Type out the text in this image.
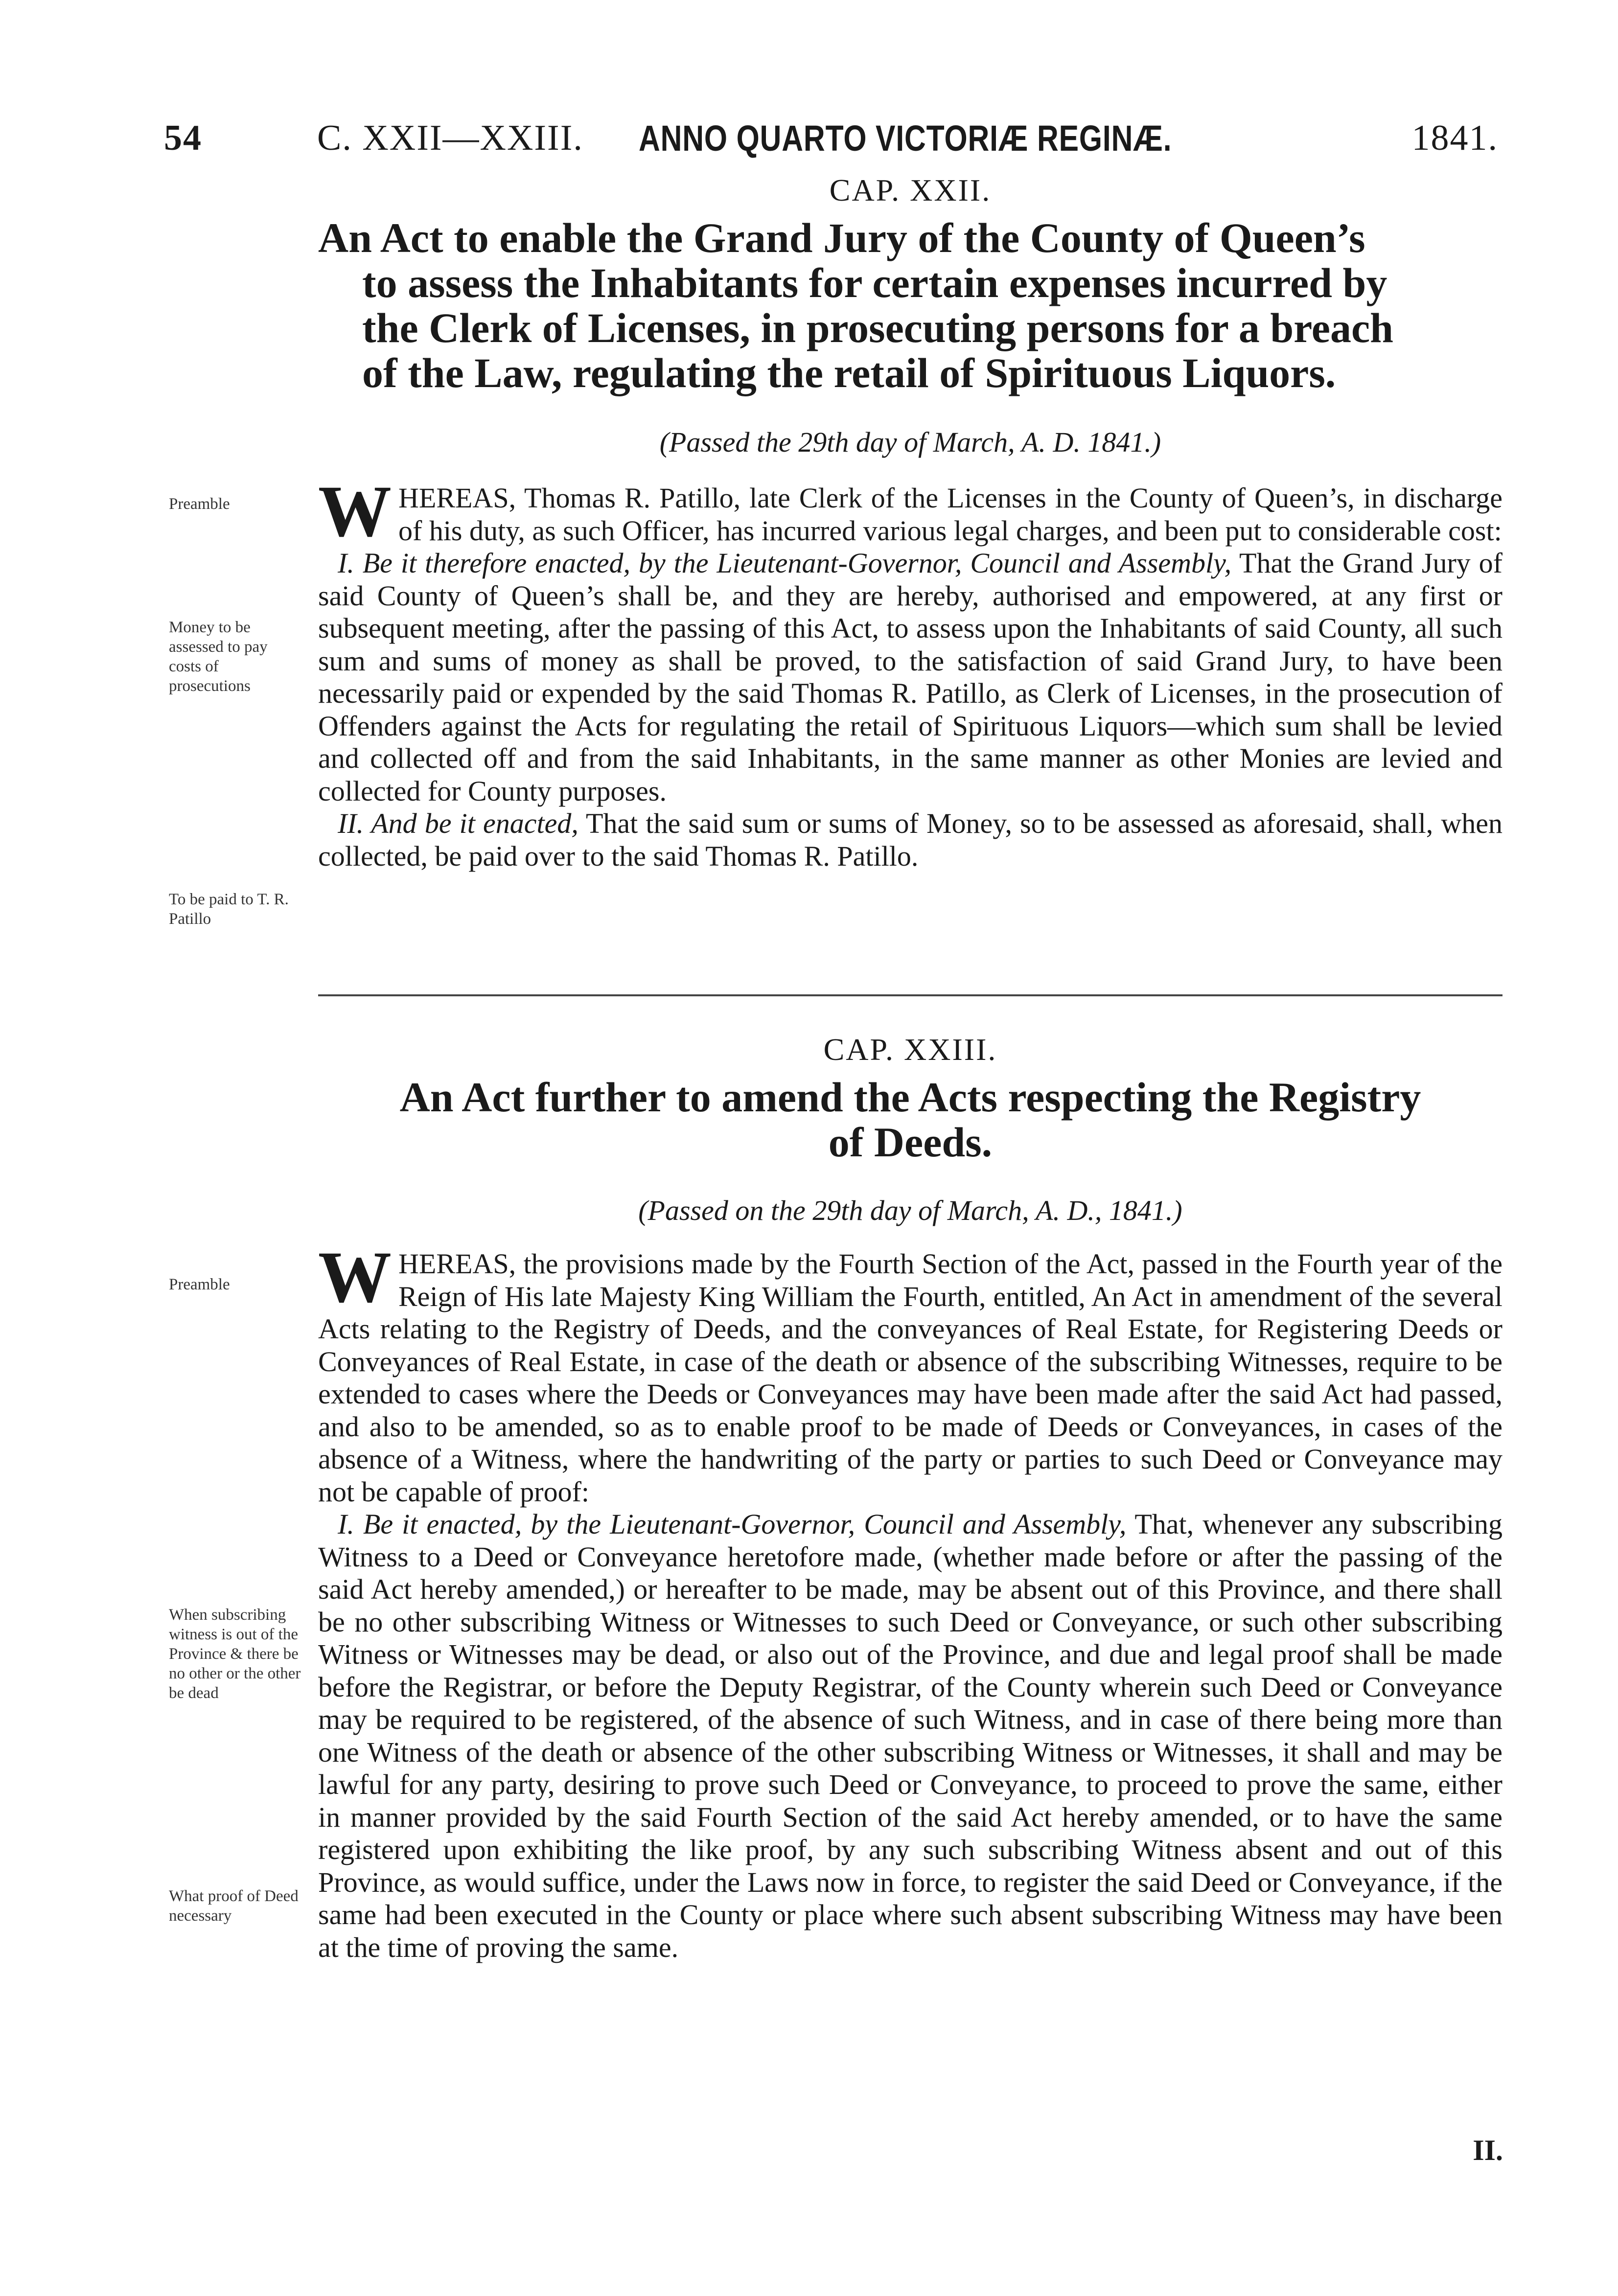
54	C. XXII—XXIII. ANNO QUARTO VICTORIÆ REGINÆ.	1841.
CAP. XXII.
An Act to enable the Grand Jury of the County of Queen’s
to assess the Inhabitants for certain expenses incurred by
the Clerk of Licenses, in prosecuting persons for a breach
of the Law, regulating the retail of Spirituous Liquors.
(Passed the 29th day of March, A. D. 1841.)
Preamble
Money to be assessed to pay costs of prosecutions
To be paid to T. R. Patillo

WHEREAS, Thomas R. Patillo, late Clerk of the Licenses in the County of Queen’s, in discharge of his duty, as such Officer, has incurred various legal charges, and been put to considerable cost:

I. Be it therefore enacted, by the Lieutenant-Governor, Council and Assembly, That the Grand Jury of said County of Queen’s shall be, and they are hereby, authorised and empowered, at any first or subsequent meeting, after the passing of this Act, to assess upon the Inhabitants of said County, all such sum and sums of money as shall be proved, to the satisfaction of said Grand Jury, to have been necessarily paid or expended by the said Thomas R. Patillo, as Clerk of Licenses, in the prosecution of Offenders against the Acts for regulating the retail of Spirituous Liquors—which sum shall be levied and collected off and from the said Inhabitants, in the same manner as other Monies are levied and collected for County purposes.

II. And be it enacted, That the said sum or sums of Money, so to be assessed as aforesaid, shall, when collected, be paid over to the said Thomas R. Patillo.

CAP. XXIII.
An Act further to amend the Acts respecting the Registry
of Deeds.
(Passed on the 29th day of March, A. D., 1841.)
Preamble
When subscribing witness is out of the Province & there be no other or the other be dead
What proof of Deed necessary

WHEREAS, the provisions made by the Fourth Section of the Act, passed in the Fourth year of the Reign of His late Majesty King William the Fourth, entitled, An Act in amendment of the several Acts relating to the Registry of Deeds, and the conveyances of Real Estate, for Registering Deeds or Conveyances of Real Estate, in case of the death or absence of the subscribing Witnesses, require to be extended to cases where the Deeds or Conveyances may have been made after the said Act had passed, and also to be amended, so as to enable proof to be made of Deeds or Conveyances, in cases of the absence of a Witness, where the handwriting of the party or parties to such Deed or Conveyance may not be capable of proof:

I. Be it enacted, by the Lieutenant-Governor, Council and Assembly, That, whenever any subscribing Witness to a Deed or Conveyance heretofore made, (whether made before or after the passing of the said Act hereby amended,) or hereafter to be made, may be absent out of this Province, and there shall be no other subscribing Witness or Witnesses to such Deed or Conveyance, or such other subscribing Witness or Witnesses may be dead, or also out of the Province, and due and legal proof shall be made before the Registrar, or before the Deputy Registrar, of the County wherein such Deed or Conveyance may be required to be registered, of the absence of such Witness, and in case of there being more than one Witness of the death or absence of the other subscribing Witness or Witnesses, it shall and may be lawful for any party, desiring to prove such Deed or Conveyance, to proceed to prove the same, either in manner provided by the said Fourth Section of the said Act hereby amended, or to have the same registered upon exhibiting the like proof, by any such subscribing Witness absent and out of this Province, as would suffice, under the Laws now in force, to register the said Deed or Conveyance, if the same had been executed in the County or place where such absent subscribing Witness may have been at the time of proving the same.

II.
